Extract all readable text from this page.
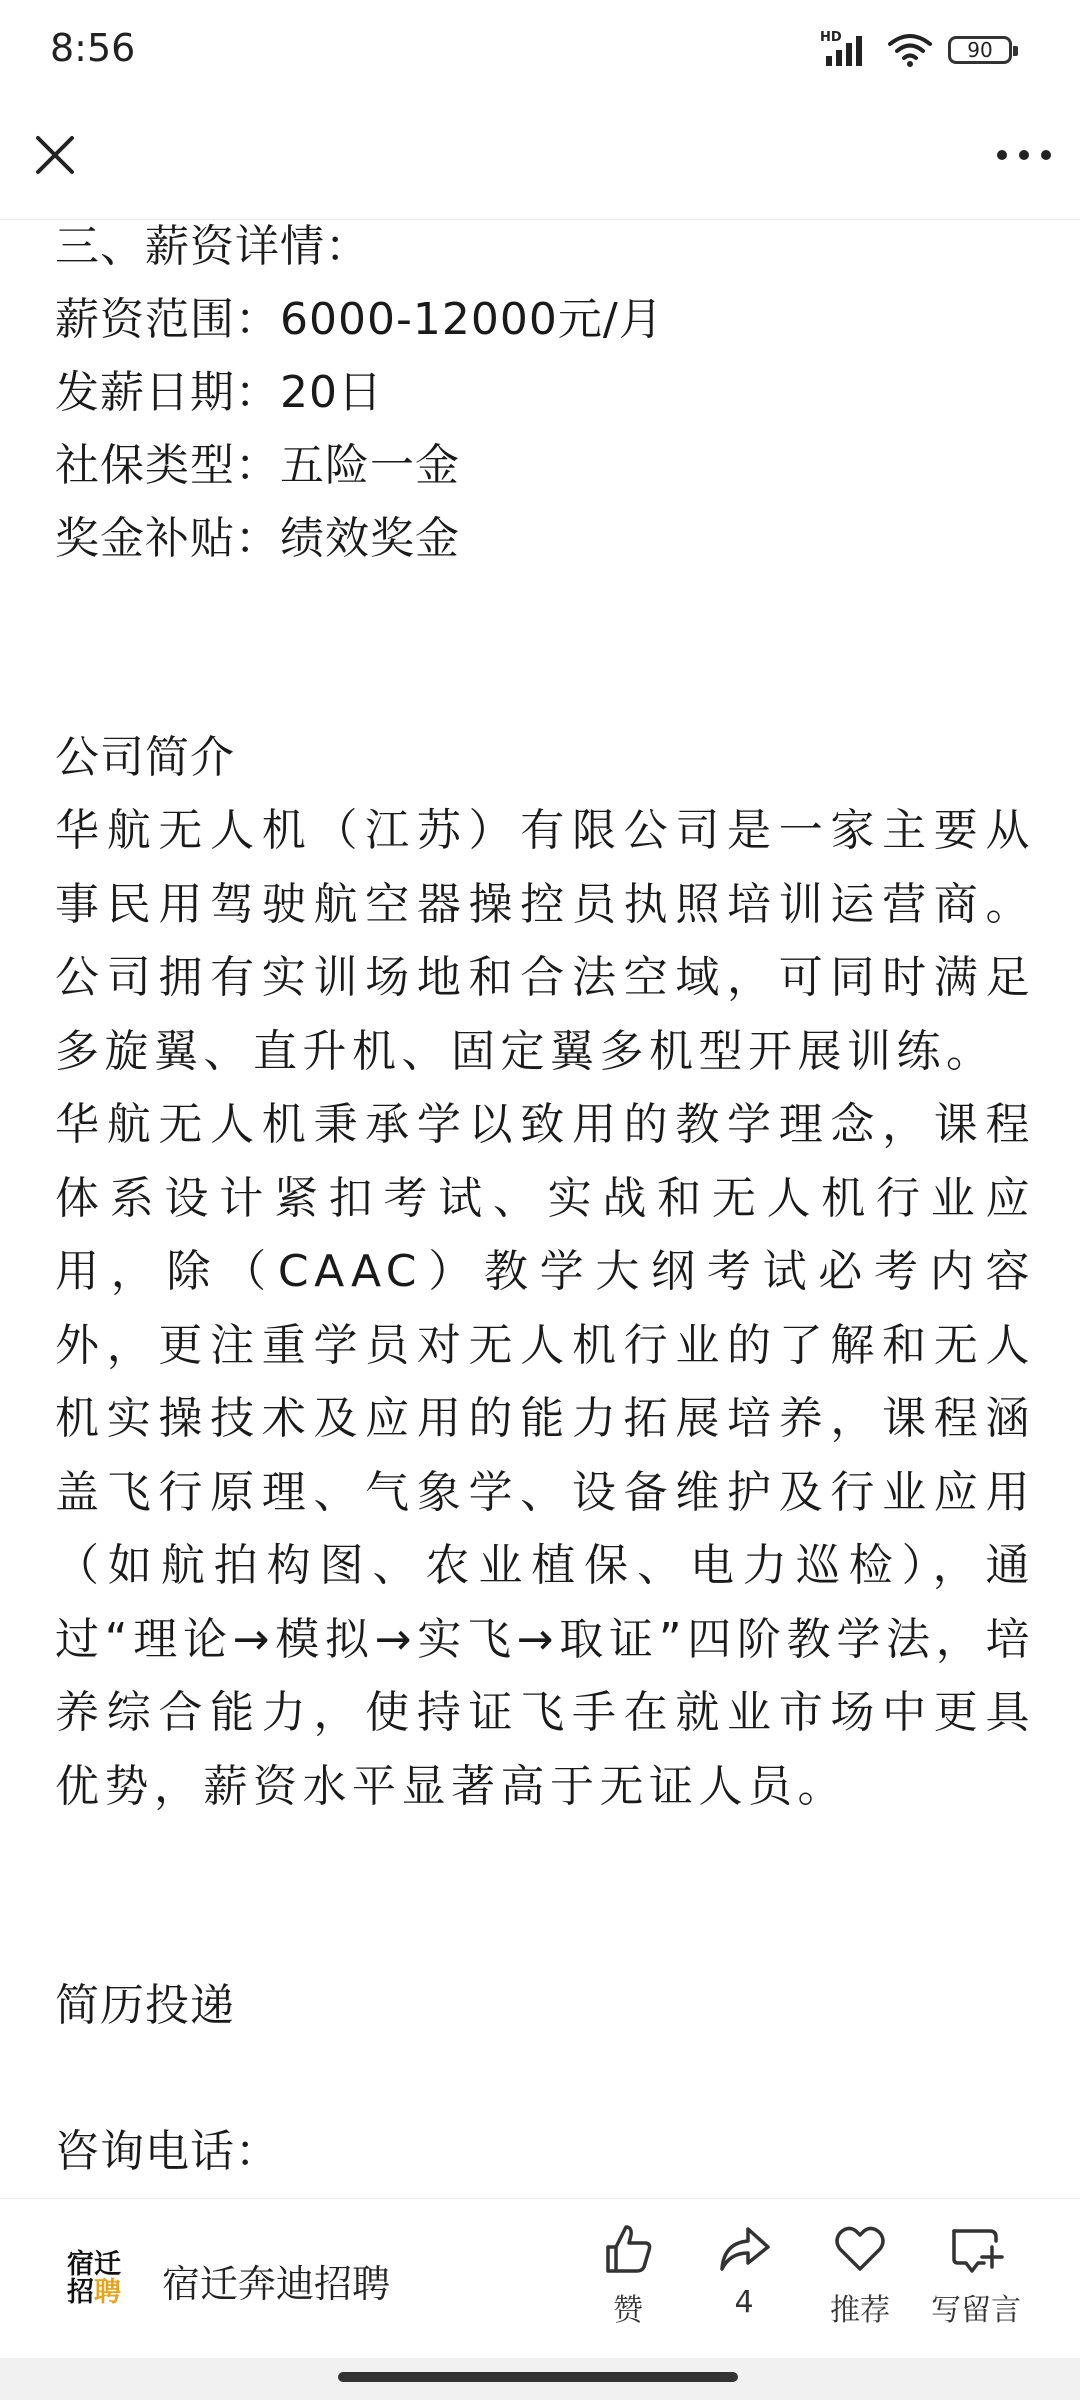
8:56	HD
90
三、薪资详情：
薪资范围：6000-12000元/月
发薪日期：20日
社保类型：五险一金
奖金补贴：绩效奖金
公司简介
华航无人机（江苏）有限公司是一家主要从事民用驾驶航空器操控员执照培训运营商。公司拥有实训场地和合法空域，可同时满足多旋翼、直升机、固定翼多机型开展训练。
华航无人机秉承学以致用的教学理念，课程体系设计紧扣考试、实战和无人机行业应用，除（CAAC）教学大纲考试必考内容外，更注重学员对无人机行业的了解和无人机实操技术及应用的能力拓展培养，课程涵盖飞行原理、气象学、设备维护及行业应用（如航拍构图、农业植保、电力巡检），通过“理论→模拟→实飞→取证”四阶教学法，培养综合能力，使持证飞手在就业市场中更具优势，薪资水平显著高于无证人员。
简历投递
咨询电话：
宿迁
招聘 宿迁奔迪招聘
赞	4	推荐 写留言
